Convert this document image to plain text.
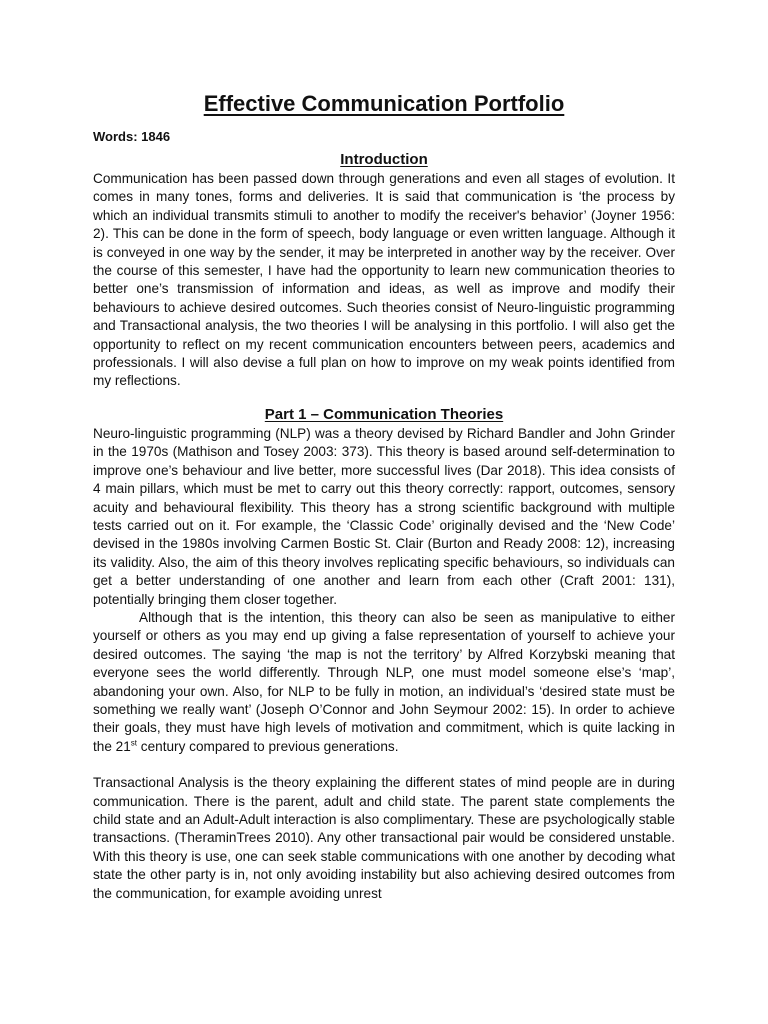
Effective Communication Portfolio
Words: 1846
Introduction

Communication has been passed down through generations and even all stages of evolution. It comes in many tones, forms and deliveries. It is said that communication is ‘the process by which an individual transmits stimuli to another to modify the receiver's behavior’ (Joyner 1956: 2). This can be done in the form of speech, body language or even written language. Although it is conveyed in one way by the sender, it may be interpreted in another way by the receiver. Over the course of this semester, I have had the opportunity to learn new communication theories to better one’s transmission of information and ideas, as well as improve and modify their behaviours to achieve desired outcomes. Such theories consist of Neuro-linguistic programming and Transactional analysis, the two theories I will be analysing in this portfolio. I will also get the opportunity to reflect on my recent communication encounters between peers, academics and professionals. I will also devise a full plan on how to improve on my weak points identified from my reflections.

Part 1 – Communication Theories

Neuro-linguistic programming (NLP) was a theory devised by Richard Bandler and John Grinder in the 1970s (Mathison and Tosey 2003: 373). This theory is based around self-determination to improve one’s behaviour and live better, more successful lives (Dar 2018). This idea consists of 4 main pillars, which must be met to carry out this theory correctly: rapport, outcomes, sensory acuity and behavioural flexibility. This theory has a strong scientific background with multiple tests carried out on it. For example, the ‘Classic Code’ originally devised and the ‘New Code’ devised in the 1980s involving Carmen Bostic St. Clair (Burton and Ready 2008: 12), increasing its validity. Also, the aim of this theory involves replicating specific behaviours, so individuals can get a better understanding of one another and learn from each other (Craft 2001: 131), potentially bringing them closer together.

Although that is the intention, this theory can also be seen as manipulative to either yourself or others as you may end up giving a false representation of yourself to achieve your desired outcomes. The saying ‘the map is not the territory’ by Alfred Korzybski meaning that everyone sees the world differently. Through NLP, one must model someone else’s ‘map’, abandoning your own. Also, for NLP to be fully in motion, an individual’s ‘desired state must be something we really want’ (Joseph O’Connor and John Seymour 2002: 15). In order to achieve their goals, they must have high levels of motivation and commitment, which is quite lacking in the 21st century compared to previous generations.

Transactional Analysis is the theory explaining the different states of mind people are in during communication. There is the parent, adult and child state. The parent state complements the child state and an Adult-Adult interaction is also complimentary. These are psychologically stable transactions. (TheraminTrees 2010). Any other transactional pair would be considered unstable. With this theory is use, one can seek stable communications with one another by decoding what state the other party is in, not only avoiding instability but also achieving desired outcomes from the communication, for example avoiding unrest
